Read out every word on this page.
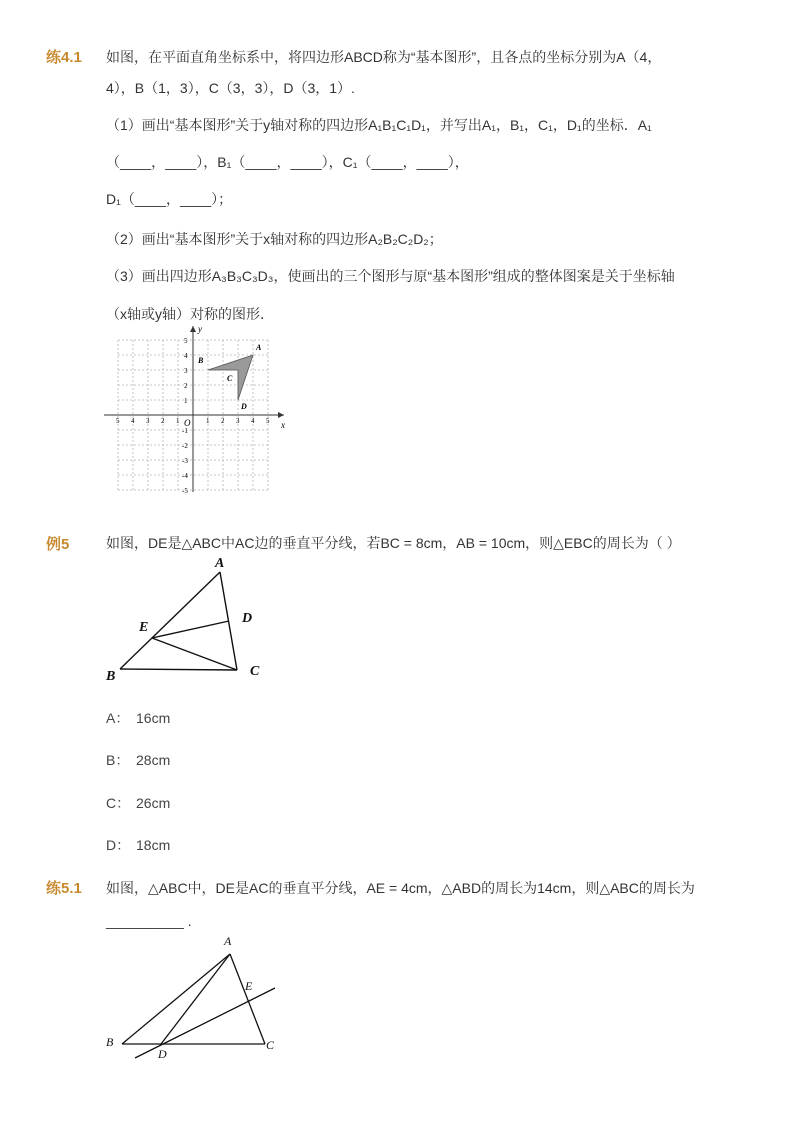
练4.1 如图，在平面直角坐标系中，将四边形ABCD称为“基本图形”，且各点的坐标分别为A（4，
4），B（1，3），C（3，3），D（3，1）.
（1）画出“基本图形”关于y轴对称的四边形A₁B₁C₁D₁，并写出A₁，B₁，C₁，D₁的坐标．A₁
（____，____），B₁（____，____），C₁（____，____），
D₁（____，____）；
（2）画出“基本图形”关于x轴对称的四边形A₂B₂C₂D₂；
（3）画出四边形A₃B₃C₃D₃，使画出的三个图形与原“基本图形”组成的整体图案是关于坐标轴
（x轴或y轴）对称的图形．
x
y
O
5 4 3 2 1	1 2 3 4 5
5
4
3
2
1
-1
-2
-3
-4
-5
A
B
C
D
例5	如图，DE是△ABC中AC边的垂直平分线，若BC = 8cm，AB = 10cm，则△EBC的周长为（ ）
A
B	C
D
E
A： 16cm
B： 28cm
C： 26cm
D： 18cm
练5.1 如图，△ABC中，DE是AC的垂直平分线，AE = 4cm，△ABD的周长为14cm，则△ABC的周长为
__________ .
A
B	C
D
E
